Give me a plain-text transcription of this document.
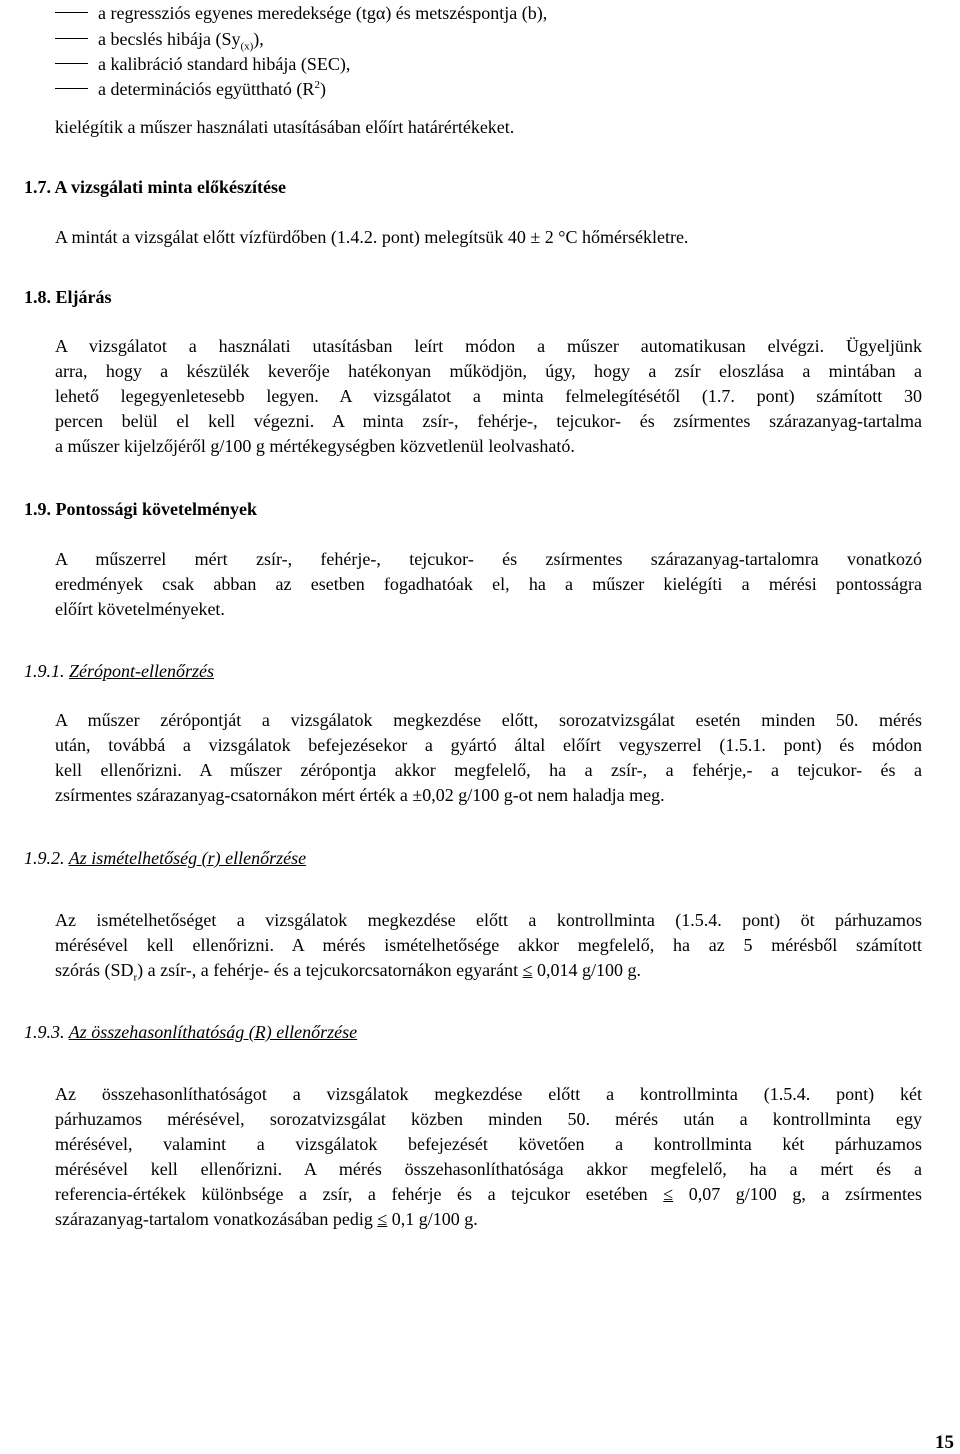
a regressziós egyenes meredeksége (tgα) és metszéspontja (b),
a becslés hibája $(Sy_{(x)})$,
a kalibráció standard hibája (SEC),
a determinációs együttható $(R^2)$
kielégítik a műszer használati utasításában előírt határértékeket.
1.7. A vizsgálati minta előkészítése
A mintát a vizsgálat előtt vízfürdőben (1.4.2. pont) melegítsük 40 ± 2 °C hőmérsékletre.
1.8. Eljárás

A vizsgálatot a használati utasításban leírt módon a műszer automatikusan elvégzi. Ügyeljünk
arra, hogy a készülék keverője hatékonyan működjön, úgy, hogy a zsír eloszlása a mintában a
lehető legegyenletesebb legyen. A vizsgálatot a minta felmelegítésétől (1.7. pont) számított 30
percen belül el kell végezni. A minta zsír-, fehérje-, tejcukor- és zsírmentes szárazanyag-tartalma
a műszer kijelzőjéről g/100 g mértékegységben közvetlenül leolvasható.

1.9. Pontossági követelmények

A műszerrel mért zsír-, fehérje-, tejcukor- és zsírmentes szárazanyag-tartalomra vonatkozó
eredmények csak abban az esetben fogadhatóak el, ha a műszer kielégíti a mérési pontosságra
előírt követelményeket.

1.9.1. Zérópont-ellenőrzés

A műszer zérópontját a vizsgálatok megkezdése előtt, sorozatvizsgálat esetén minden 50. mérés
után, továbbá a vizsgálatok befejezésekor a gyártó által előírt vegyszerrel (1.5.1. pont) és módon
kell ellenőrizni. A műszer zérópontja akkor megfelelő, ha a zsír-, a fehérje,- a tejcukor- és a
zsírmentes szárazanyag-csatornákon mért érték a ±0,02 g/100 g-ot nem haladja meg.

1.9.2. Az ismételhetőség (r) ellenőrzése

Az ismételhetőséget a vizsgálatok megkezdése előtt a kontrollminta (1.5.4. pont) öt párhuzamos
mérésével kell ellenőrizni. A mérés ismételhetősége akkor megfelelő, ha az 5 mérésből számított
szórás $(SD_r)$ a zsír-, a fehérje- és a tejcukorcsatornákon egyaránt ≤ 0,014 g/100 g.

1.9.3. Az összehasonlíthatóság (R) ellenőrzése

Az összehasonlíthatóságot a vizsgálatok megkezdése előtt a kontrollminta (1.5.4. pont) két
párhuzamos mérésével, sorozatvizsgálat közben minden 50. mérés után a kontrollminta egy
mérésével, valamint a vizsgálatok befejezését követően a kontrollminta két párhuzamos
mérésével kell ellenőrizni. A mérés összehasonlíthatósága akkor megfelelő, ha a mért és a
referencia-értékek különbsége a zsír, a fehérje és a tejcukor esetében ≤ 0,07 g/100 g, a zsírmentes
szárazanyag-tartalom vonatkozásában pedig ≤ 0,1 g/100 g.

15
